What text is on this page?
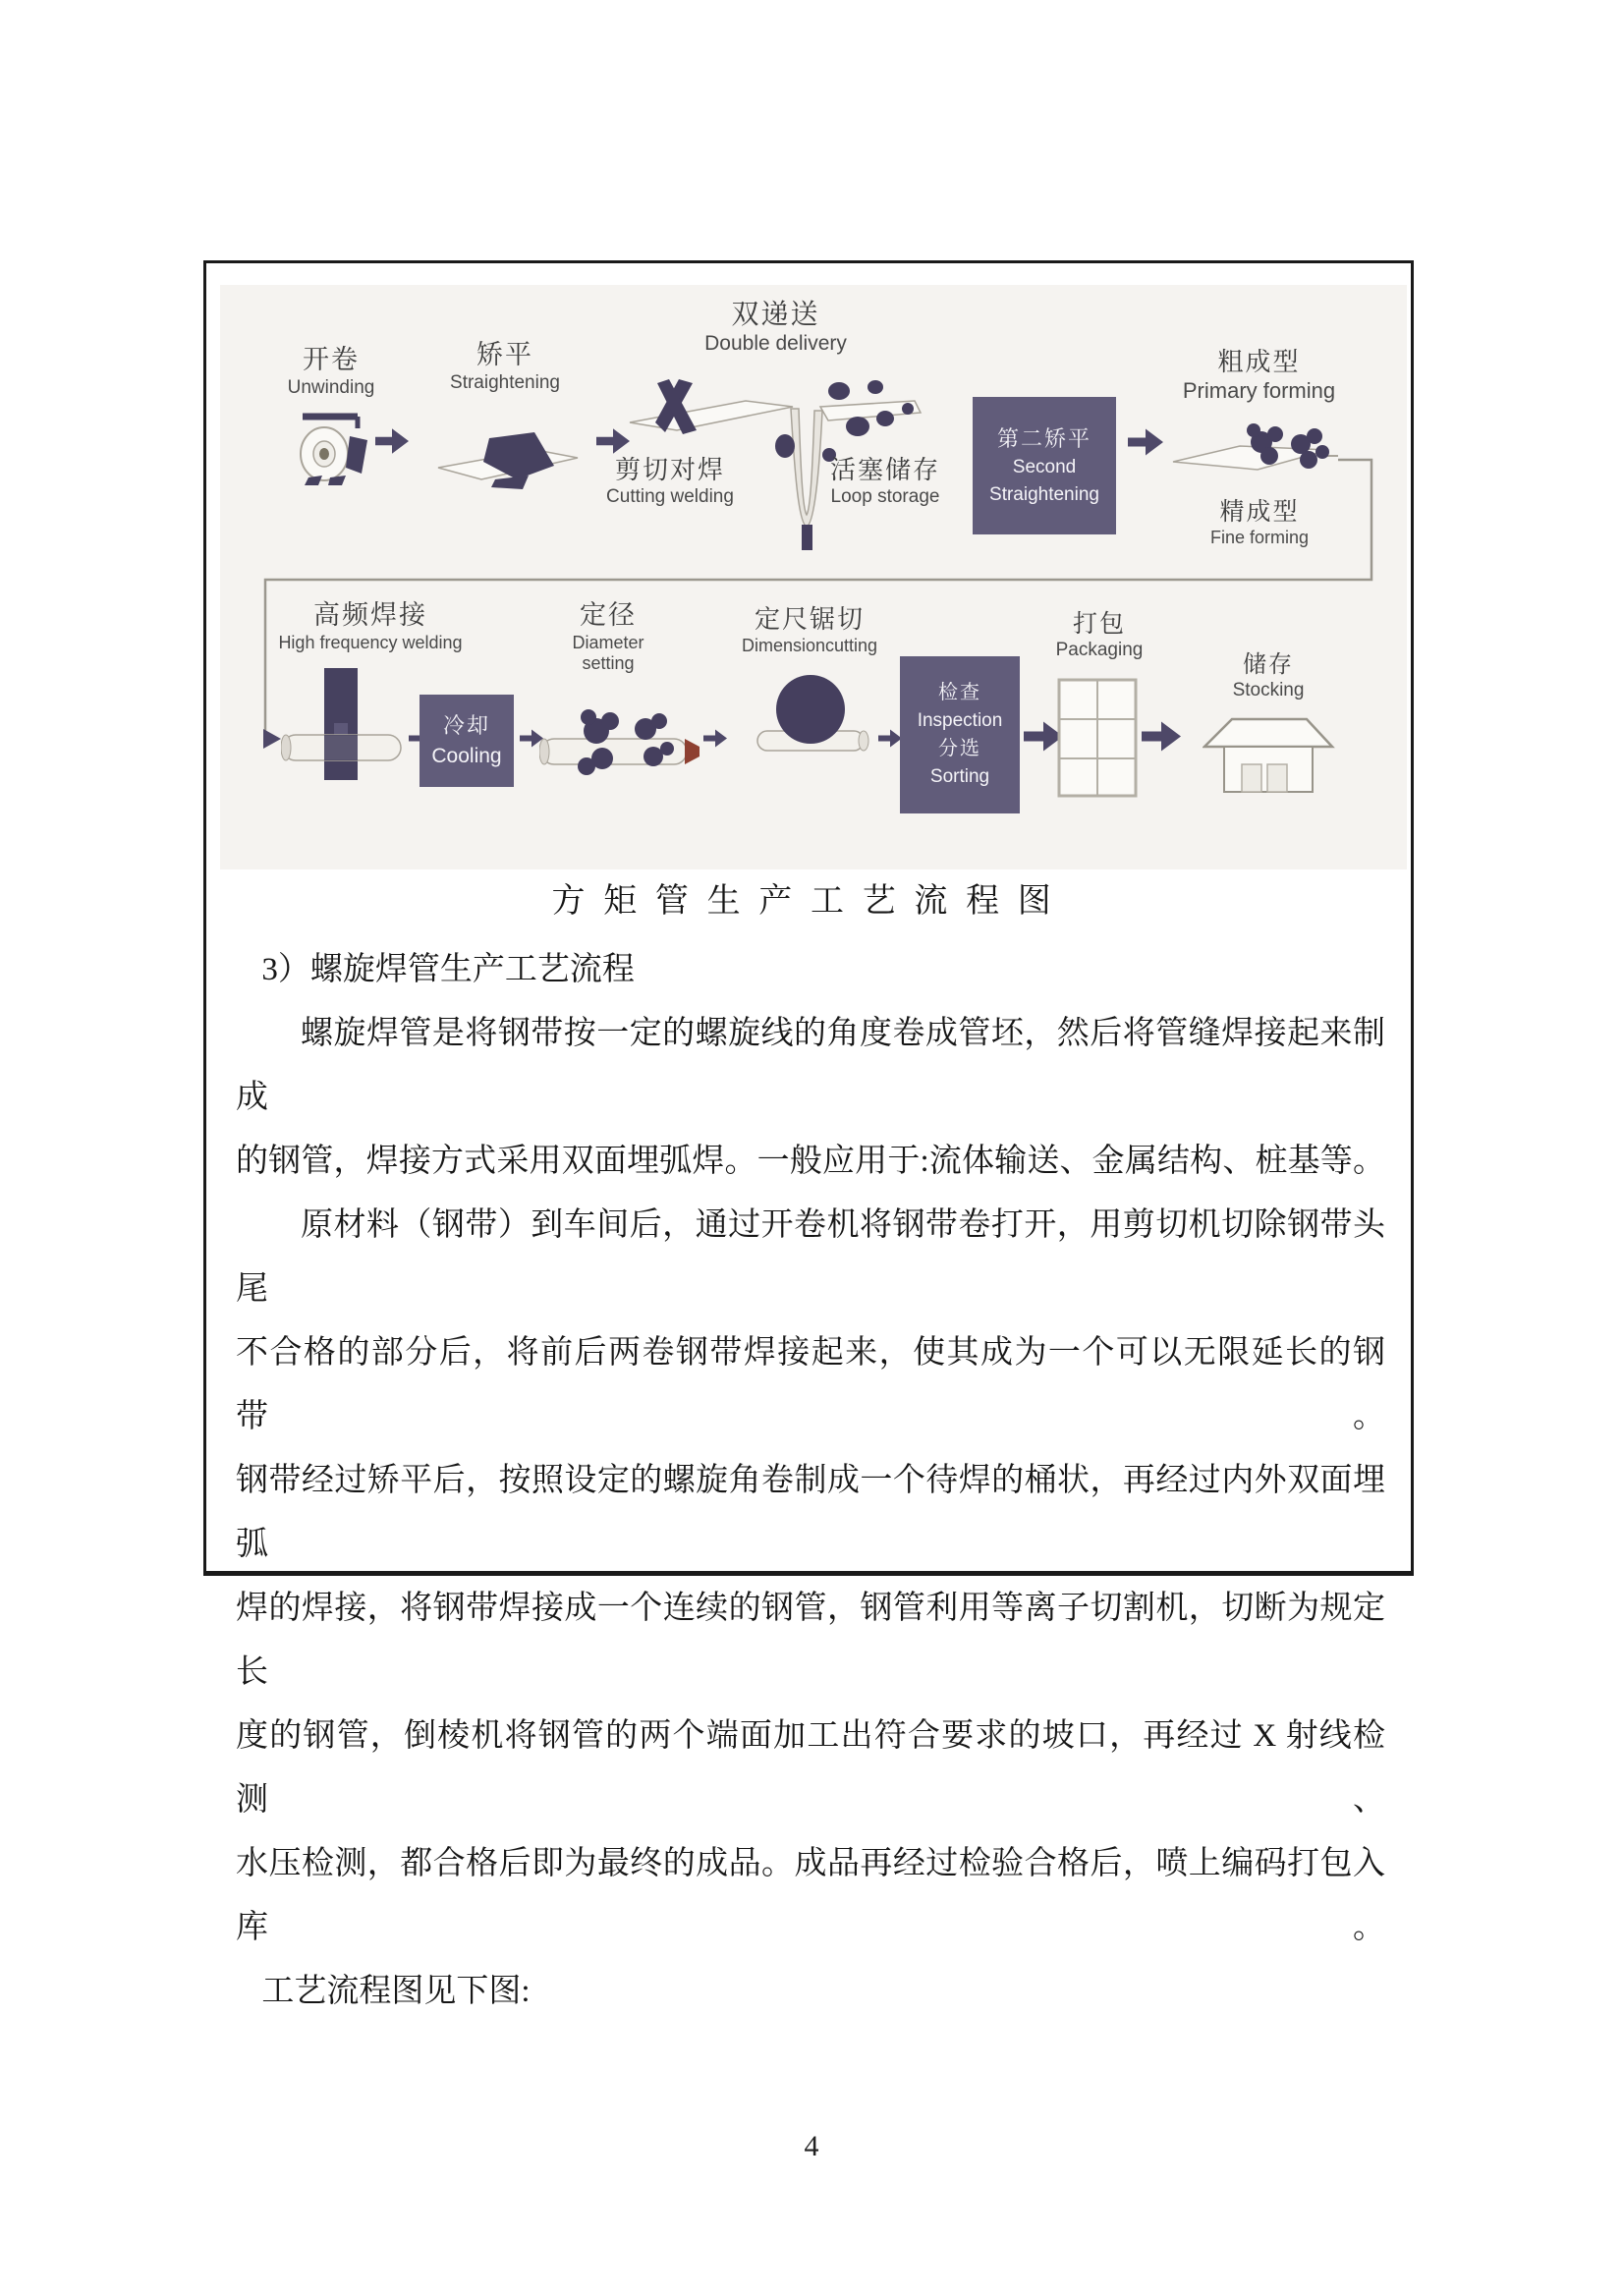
开卷
Unwinding
矫平
Straightening
双递送
Double delivery
剪切对焊
Cutting welding
活塞储存
Loop storage
第二矫平
Second
Straightening
粗成型
Primary forming
精成型
Fine forming
高频焊接
High frequency welding
冷却
Cooling
定径
Diameter setting
定尺锯切
Dimensioncutting
检查
Inspection
分选
Sorting
打包
Packaging
储存
Stocking
方矩管生产工艺流程图
3）螺旋焊管生产工艺流程
螺旋焊管是将钢带按一定的螺旋线的角度卷成管坯，然后将管缝焊接起来制成
的钢管，焊接方式采用双面埋弧焊。一般应用于:流体输送、金属结构、桩基等。
原材料（钢带）到车间后，通过开卷机将钢带卷打开，用剪切机切除钢带头尾
不合格的部分后，将前后两卷钢带焊接起来，使其成为一个可以无限延长的钢带。
钢带经过矫平后，按照设定的螺旋角卷制成一个待焊的桶状，再经过内外双面埋弧
焊的焊接，将钢带焊接成一个连续的钢管，钢管利用等离子切割机，切断为规定长
度的钢管，倒棱机将钢管的两个端面加工出符合要求的坡口，再经过 X 射线检测、
水压检测，都合格后即为最终的成品。成品再经过检验合格后，喷上编码打包入库。
工艺流程图见下图:
4
